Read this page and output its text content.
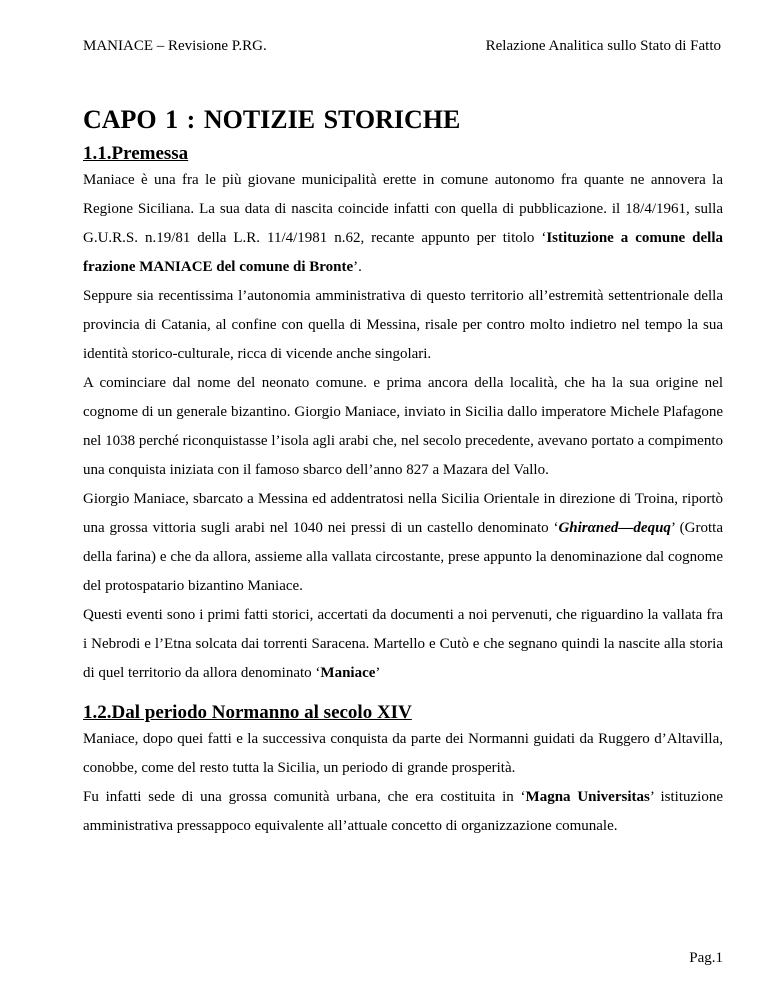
MANIACE – Revisione P.RG.	Relazione Analitica sullo Stato di Fatto
CAPO 1 : NOTIZIE STORICHE
1.1.Premessa

Maniace è una fra le più giovane municipalità erette in comune autonomo fra quante ne annovera la Regione Siciliana. La sua data di nascita coincide infatti con quella di pubblicazione. il 18/4/1961, sulla G.U.R.S. n.19/81 della L.R. 11/4/1981 n.62, recante appunto per titolo ‘Istituzione a comune della frazione MANIACE del comune di Bronte’.

Seppure sia recentissima l’autonomia amministrativa di questo territorio all’estremità settentrionale della provincia di Catania, al confine con quella di Messina, risale per contro molto indietro nel tempo la sua identità storico-culturale, ricca di vicende anche singolari.

A cominciare dal nome del neonato comune. e prima ancora della località, che ha la sua origine nel cognome di un generale bizantino. Giorgio Maniace, inviato in Sicilia dallo imperatore Michele Plafagone nel 1038 perché riconquistasse l’isola agli arabi che, nel secolo precedente, avevano portato a compimento una conquista iniziata con il famoso sbarco dell’anno 827 a Mazara del Vallo.

Giorgio Maniace, sbarcato a Messina ed addentratosi nella Sicilia Orientale in direzione di Troina, riportò una grossa vittoria sugli arabi nel 1040 nei pressi di un castello denominato ‘Ghirαned—dequq’ (Grotta della farina) e che da allora, assieme alla vallata circostante, prese appunto la denominazione dal cognome del protospatario bizantino Maniace.

Questi eventi sono i primi fatti storici, accertati da documenti a noi pervenuti, che riguardino la vallata fra i Nebrodi e l’Etna solcata dai torrenti Saracena. Martello e Cutò e che segnano quindi la nascite alla storia di quel territorio da allora denominato ‘Maniace’

1.2.Dal periodo Normanno al secolo XIV

Maniace, dopo quei fatti e la successiva conquista da parte dei Normanni guidati da Ruggero d’Altavilla, conobbe, come del resto tutta la Sicilia, un periodo di grande prosperità.

Fu infatti sede di una grossa comunità urbana, che era costituita in ‘Magna Universitas’ istituzione amministrativa pressappoco equivalente all’attuale concetto di organizzazione comunale.

Pag.1
